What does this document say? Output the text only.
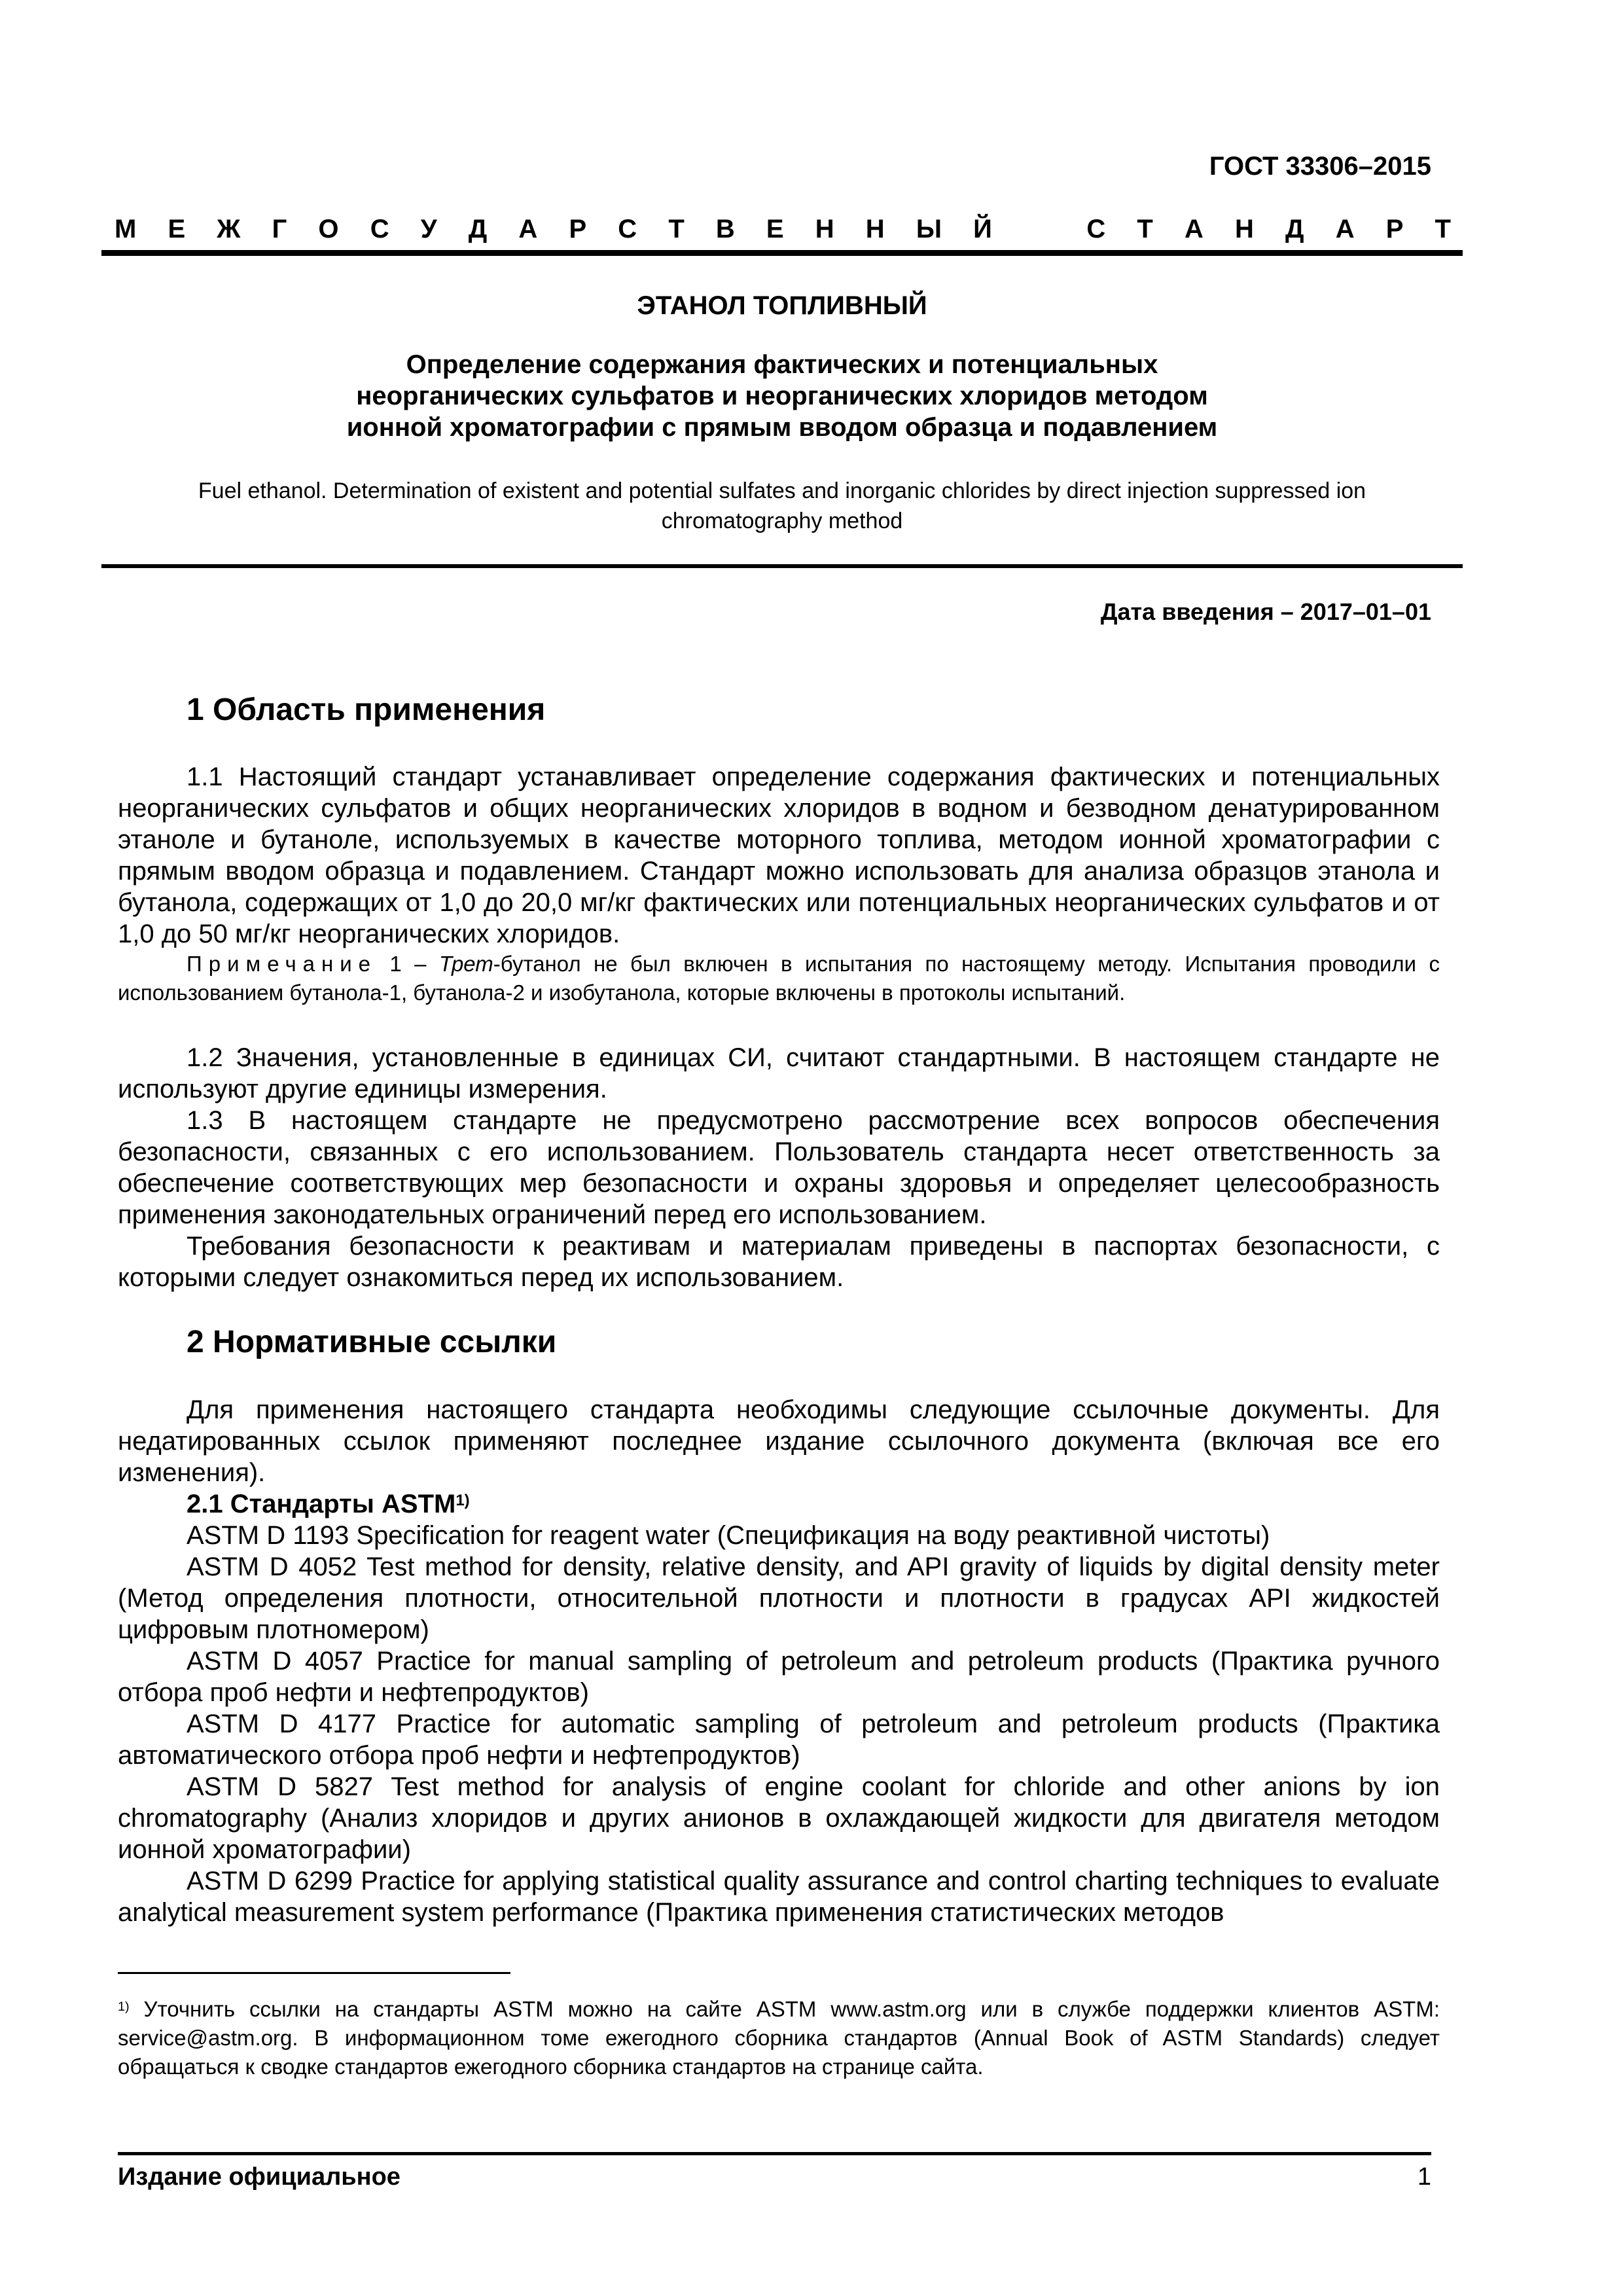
ГОСТ 33306–2015
М Е Ж Г О С У Д А Р С Т В Е Н Н Ы Й   С Т А Н Д А Р Т
ЭТАНОЛ ТОПЛИВНЫЙ
Определение содержания фактических и потенциальных
неорганических сульфатов и неорганических хлоридов методом
ионной хроматографии с прямым вводом образца и подавлением
Fuel ethanol. Determination of existent and potential sulfates and inorganic chlorides by direct injection suppressed ion chromatography method
Дата введения – 2017–01–01
1 Область применения

1.1 Настоящий стандарт устанавливает определение содержания фактических и потенциальных неорганических сульфатов и общих неорганических хлоридов в водном и безводном денатурированном этаноле и бутаноле, используемых в качестве моторного топлива, методом ионной хроматографии с прямым вводом образца и подавлением. Стандарт можно использовать для анализа образцов этанола и бутанола, содержащих от 1,0 до 20,0 мг/кг фактических или потенциальных неорганических сульфатов и от 1,0 до 50 мг/кг неорганических хлоридов.

Примечание 1 – Трет-бутанол не был включен в испытания по настоящему методу. Испытания проводили с использованием бутанола-1, бутанола-2 и изобутанола, которые включены в протоколы испытаний.

1.2 Значения, установленные в единицах СИ, считают стандартными. В настоящем стандарте не используют другие единицы измерения.

1.3 В настоящем стандарте не предусмотрено рассмотрение всех вопросов обеспечения безопасности, связанных с его использованием. Пользователь стандарта несет ответственность за обеспечение соответствующих мер безопасности и охраны здоровья и определяет целесообразность применения законодательных ограничений перед его использованием.

Требования безопасности к реактивам и материалам приведены в паспортах безопасности, с которыми следует ознакомиться перед их использованием.

2 Нормативные ссылки

Для применения настоящего стандарта необходимы следующие ссылочные документы. Для недатированных ссылок применяют последнее издание ссылочного документа (включая все его изменения).

2.1 Стандарты ASTM$^{1)}$

ASTM D 1193 Specification for reagent water (Спецификация на воду реактивной чистоты)

ASTM D 4052 Test method for density, relative density, and API gravity of liquids by digital density meter (Метод определения плотности, относительной плотности и плотности в градусах API жидкостей цифровым плотномером)

ASTM D 4057 Practice for manual sampling of petroleum and petroleum products (Практика ручного отбора проб нефти и нефтепродуктов)

ASTM D 4177 Practice for automatic sampling of petroleum and petroleum products (Практика автоматического отбора проб нефти и нефтепродуктов)

ASTM D 5827 Test method for analysis of engine coolant for chloride and other anions by ion chromatography (Анализ хлоридов и других анионов в охлаждающей жидкости для двигателя методом ионной хроматографии)

ASTM D 6299 Practice for applying statistical quality assurance and control charting techniques to evaluate analytical measurement system performance (Практика применения статистических методов

$^{1)}$ Уточнить ссылки на стандарты ASTM можно на сайте ASTM www.astm.org или в службе поддержки клиентов ASTM: service@astm.org. В информационном томе ежегодного сборника стандартов (Annual Book of ASTM Standards) следует обращаться к сводке стандартов ежегодного сборника стандартов на странице сайта.
Издание официальное	1
